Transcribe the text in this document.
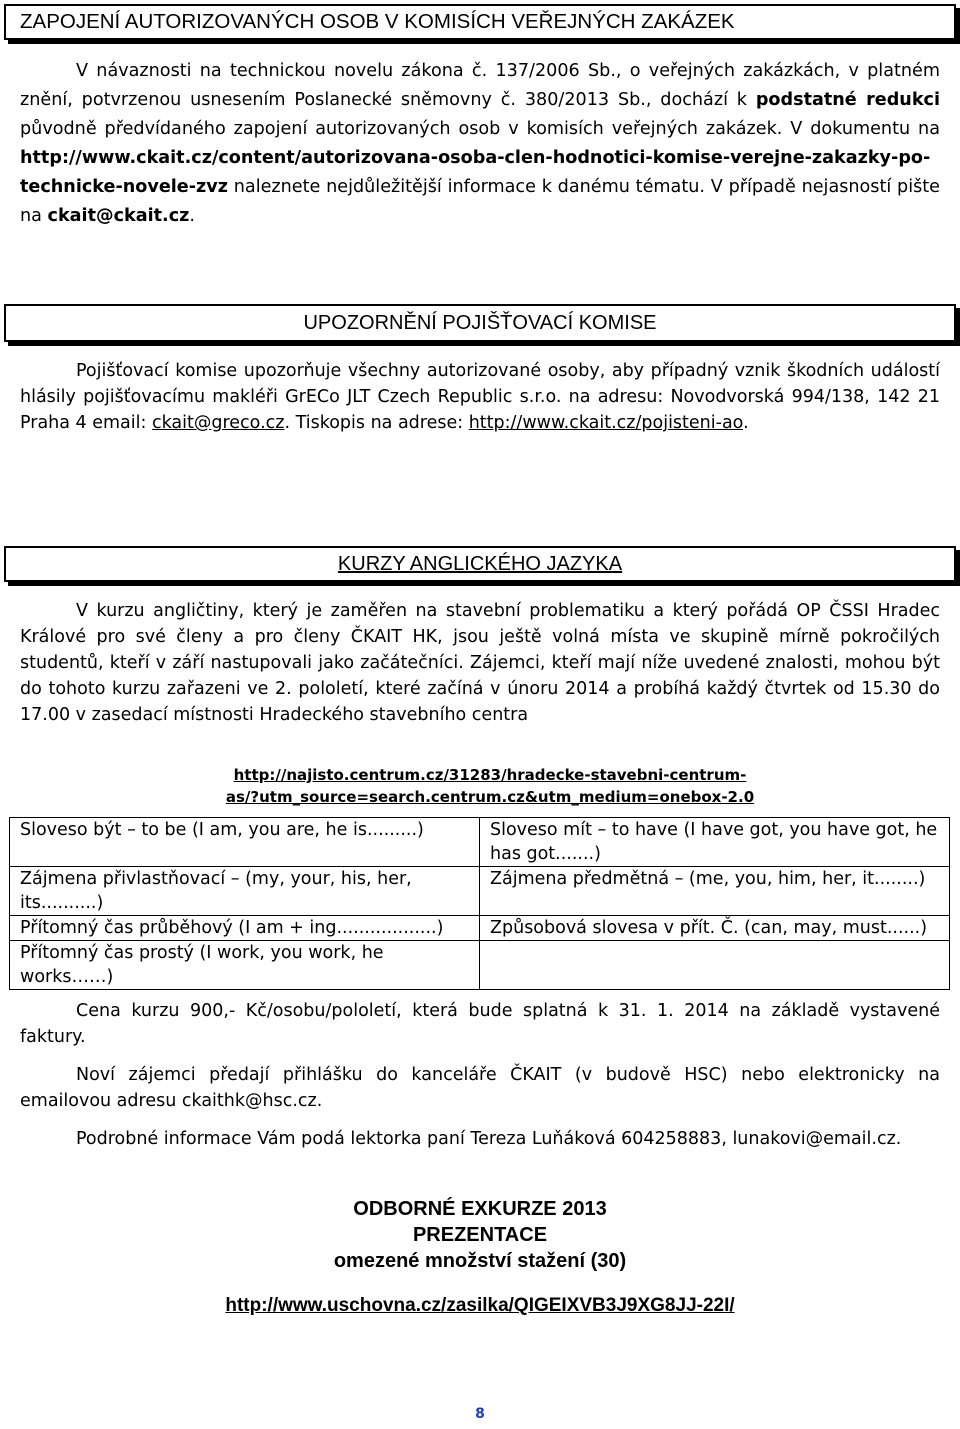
ZAPOJENÍ AUTORIZOVANÝCH OSOB V KOMISÍCH VEŘEJNÝCH ZAKÁZEK

V návaznosti na technickou novelu zákona č. 137/2006 Sb., o veřejných zakázkách, v platném znění, potvrzenou usnesením Poslanecké sněmovny č. 380/2013 Sb., dochází k podstatné redukci původně předvídaného zapojení autorizovaných osob v komisích veřejných zakázek. V dokumentu na http://www.ckait.cz/content/autorizovana-osoba-clen-hodnotici-komise-verejne-zakazky-po-technicke-novele-zvz naleznete nejdůležitější informace k danému tématu. V případě nejasností pište na ckait@ckait.cz.

UPOZORNĚNÍ POJIŠŤOVACÍ KOMISE

Pojišťovací komise upozorňuje všechny autorizované osoby, aby případný vznik škodních událostí hlásily pojišťovacímu makléři GrECo JLT Czech Republic s.r.o. na adresu: Novodvorská 994/138, 142 21 Praha 4 email: ckait@greco.cz. Tiskopis na adrese: http://www.ckait.cz/pojisteni-ao.

KURZY ANGLICKÉHO JAZYKA

V kurzu angličtiny, který je zaměřen na stavební problematiku a který pořádá OP ČSSI Hradec Králové pro své členy a pro členy ČKAIT HK, jsou ještě volná místa ve skupině mírně pokročilých studentů, kteří v září nastupovali jako začátečníci. Zájemci, kteří mají níže uvedené znalosti, mohou být do tohoto kurzu zařazeni ve 2. pololetí, které začíná v únoru 2014 a probíhá každý čtvrtek od 15.30 do 17.00 v zasedací místnosti Hradeckého stavebního centra

http://najisto.centrum.cz/31283/hradecke-stavebni-centrum-
as/?utm_source=search.centrum.cz&utm_medium=onebox-2.0
Sloveso být – to be (I am, you are, he is.........)	Sloveso mít – to have (I have got, you have got, he has got.......)
Zájmena přivlastňovací – (my, your, his, her, its..........)	Zájmena předmětná – (me, you, him, her, it........)
Přítomný čas průběhový (I am + ing..................)	Způsobová slovesa v přít. Č. (can, may, must......)
Přítomný čas prostý (I work, you work, he works……)	

Cena kurzu 900,- Kč/osobu/pololetí, která bude splatná k 31. 1. 2014 na základě vystavené faktury.

Noví zájemci předají přihlášku do kanceláře ČKAIT (v budově HSC) nebo elektronicky na emailovou adresu ckaithk@hsc.cz.

Podrobné informace Vám podá lektorka paní Tereza Luňáková 604258883, lunakovi@email.cz.

ODBORNÉ EXKURZE 2013
PREZENTACE
omezené množství stažení (30)
http://www.uschovna.cz/zasilka/QIGEIXVB3J9XG8JJ-22I/
8
